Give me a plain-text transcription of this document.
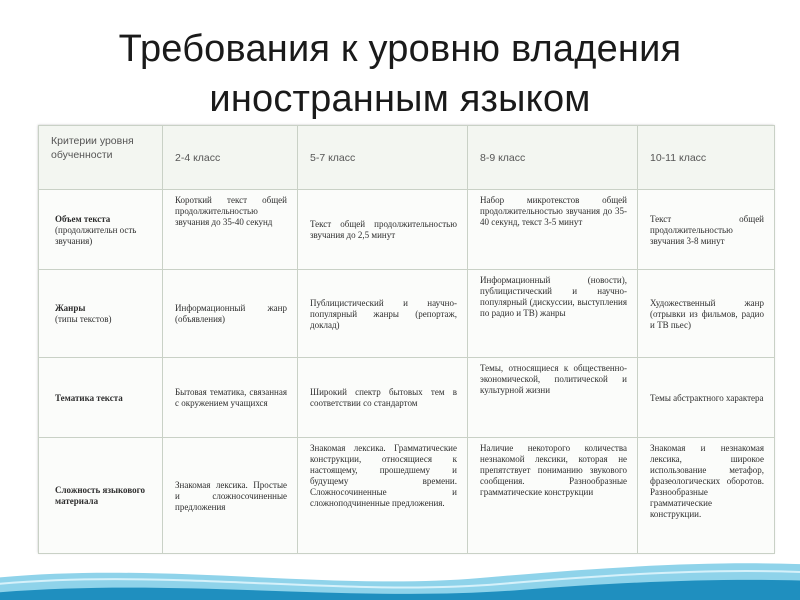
Требования к уровню владения
иностранным языком
Критерии уровня обученности	2-4 класс	5-7 класс	8-9 класс	10-11 класс

Объем текста
(продолжительн ость звучания)	Короткий текст общей продолжительностью звучания до 35-40 секунд	Текст общей продолжительностью звучания до 2,5 минут	Набор микротекстов общей продолжительностью звучания до 35-40 секунд, текст 3-5 минут	Текст общей продолжительностью звучания 3-8 минут

Жанры
(типы текстов)	Информационный жанр (объявления)	Публицистический и научно-популярный жанры (репортаж, доклад)	Информационный (новости), публицистический и научно-популярный (дискуссии, выступления по радио и ТВ) жанры	Художественный жанр (отрывки из фильмов, радио и ТВ пьес)

Тематика текста	Бытовая тематика, связанная с окружением учащихся	Широкий спектр бытовых тем в соответствии со стандартом	Темы, относящиеся к общественно-экономической, политической и культурной жизни	Темы абстрактного характера

Сложность языкового материала	Знакомая лексика. Простые и сложносочиненные предложения	Знакомая лексика. Грамматические конструкции, относящиеся к настоящему, прошедшему и будущему времени. Сложносочиненные и сложноподчиненные предложения.	Наличие некоторого количества незнакомой лексики, которая не препятствует пониманию звукового сообщения. Разнообразные грамматические конструкции	Знакомая и незнакомая лексика, широкое использование метафор, фразеологических оборотов. Разнообразные грамматические конструкции.
